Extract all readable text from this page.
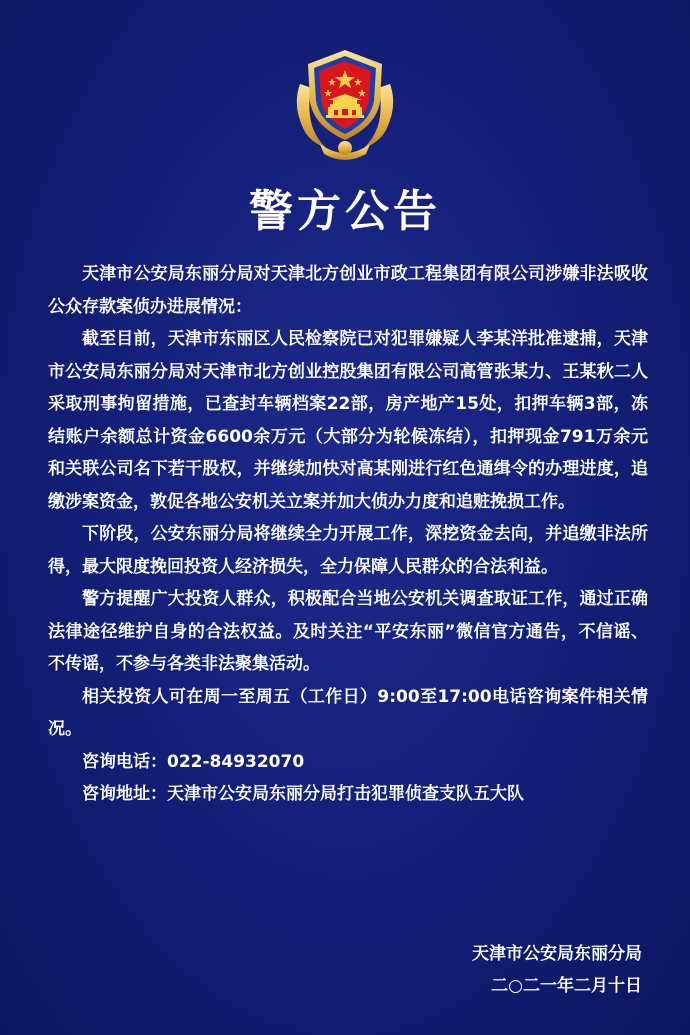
警方公告

天津市公安局东丽分局对天津北方创业市政工程集团有限公司涉嫌非法吸收公众存款案侦办进展情况：

截至目前，天津市东丽区人民检察院已对犯罪嫌疑人李某洋批准逮捕，天津市公安局东丽分局对天津市北方创业控股集团有限公司高管张某力、王某秋二人采取刑事拘留措施，已查封车辆档案22部，房产地产15处，扣押车辆3部，冻结账户余额总计资金6600余万元（大部分为轮候冻结），扣押现金791万余元和关联公司名下若干股权，并继续加快对高某刚进行红色通缉令的办理进度，追缴涉案资金，敦促各地公安机关立案并加大侦办力度和追赃挽损工作。

下阶段，公安东丽分局将继续全力开展工作，深挖资金去向，并追缴非法所得，最大限度挽回投资人经济损失，全力保障人民群众的合法利益。

警方提醒广大投资人群众，积极配合当地公安机关调查取证工作，通过正确法律途径维护自身的合法权益。及时关注“平安东丽”微信官方通告，不信谣、不传谣，不参与各类非法聚集活动。

相关投资人可在周一至周五（工作日）9:00至17:00电话咨询案件相关情况。

咨询电话：022-84932070

咨询地址：天津市公安局东丽分局打击犯罪侦查支队五大队

天津市公安局东丽分局
二○二一年二月十日
